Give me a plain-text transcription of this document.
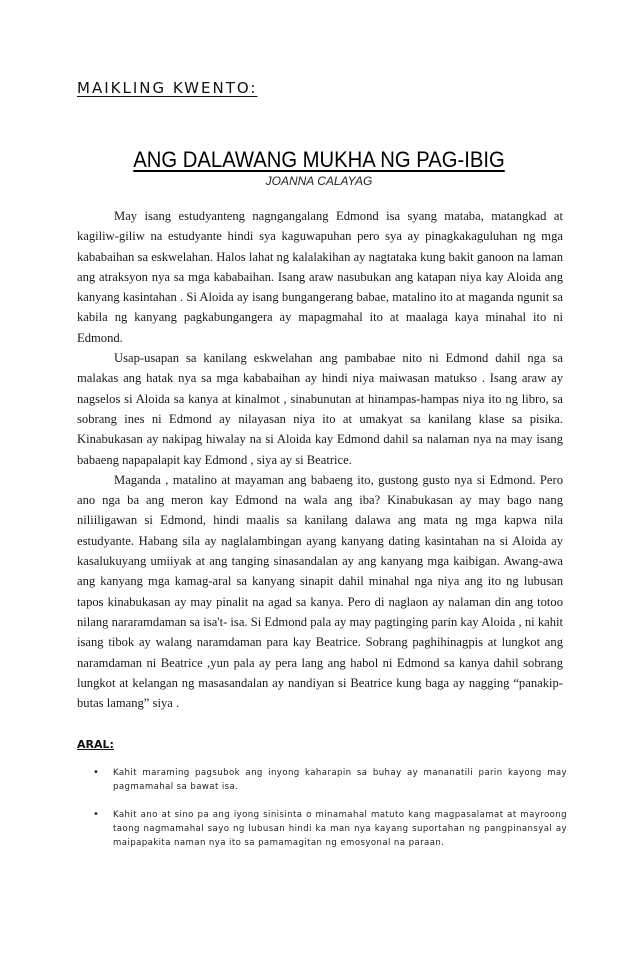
MAIKLING KWENTO:
ANG DALAWANG MUKHA NG PAG-IBIG
JOANNA CALAYAG

May isang estudyanteng nagngangalang Edmond isa syang mataba, matangkad at kagiliw-giliw na estudyante hindi sya kaguwapuhan pero sya ay pinagkakaguluhan ng mga kababaihan sa eskwelahan. Halos lahat ng kalalakihan ay nagtataka kung bakit ganoon na laman ang atraksyon nya sa mga kababaihan. Isang araw nasubukan ang katapan niya kay Aloida ang kanyang kasintahan . Si Aloida ay isang bungangerang babae, matalino ito at maganda ngunit sa kabila ng kanyang pagkabungangera ay mapagmahal ito at maalaga kaya minahal ito ni Edmond.

Usap-usapan sa kanilang eskwelahan ang pambabae nito ni Edmond dahil nga sa malakas ang hatak nya sa mga kababaihan ay hindi niya maiwasan matukso . Isang araw ay nagselos si Aloida sa kanya at kinalmot , sinabunutan at hinampas-hampas niya ito ng libro, sa sobrang ines ni Edmond ay nilayasan niya ito at umakyat sa kanilang klase sa pisika. Kinabukasan ay nakipag hiwalay na si Aloida kay Edmond dahil sa nalaman nya na may isang babaeng napapalapit kay Edmond , siya ay si Beatrice.

Maganda , matalino at mayaman ang babaeng ito, gustong gusto nya si Edmond. Pero ano nga ba ang meron kay Edmond na wala ang iba? Kinabukasan ay may bago nang niliiligawan si Edmond, hindi maalis sa kanilang dalawa ang mata ng mga kapwa nila estudyante. Habang sila ay naglalambingan ayang kanyang dating kasintahan na si Aloida ay kasalukuyang umiiyak at ang tanging sinasandalan ay ang kanyang mga kaibigan. Awang-awa ang kanyang mga kamag-aral sa kanyang sinapit dahil minahal nga niya ang ito ng lubusan tapos kinabukasan ay may pinalit na agad sa kanya. Pero di naglaon ay nalaman din ang totoo nilang nararamdaman sa isa't- isa. Si Edmond pala ay may pagtinging parin kay Aloida , ni kahit isang tibok ay walang naramdaman para kay Beatrice. Sobrang paghihinagpis at lungkot ang naramdaman ni Beatrice ,yun pala ay pera lang ang habol ni Edmond sa kanya dahil sobrang lungkot at kelangan ng masasandalan ay nandiyan si Beatrice kung baga ay nagging “panakip- butas lamang” siya .

ARAL:
• Kahit maraming pagsubok ang inyong kaharapin sa buhay ay mananatili parin kayong may pagmamahal sa bawat isa.
• Kahit ano at sino pa ang iyong sinisinta o minamahal matuto kang magpasalamat at mayroong taong nagmamahal sayo ng lubusan hindi ka man nya kayang suportahan ng pangpinansyal ay maipapakita naman nya ito sa pamamagitan ng emosyonal na paraan.
